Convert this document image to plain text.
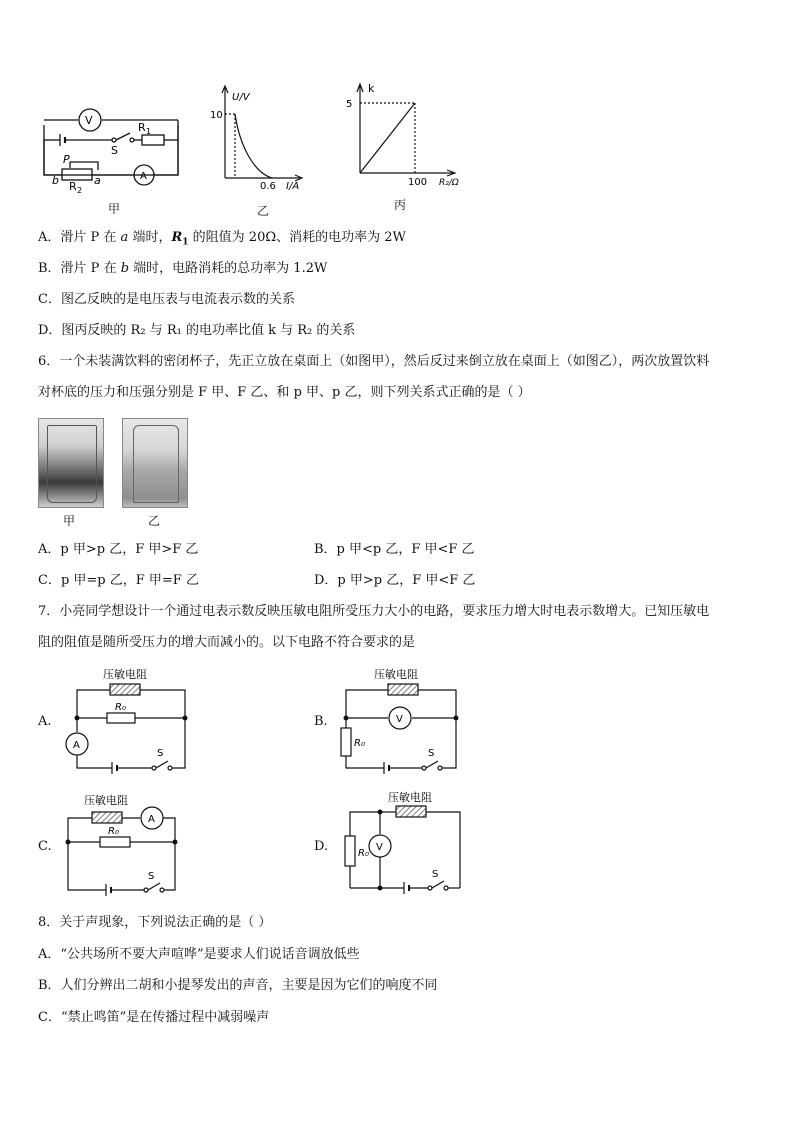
V
R 1
S
P
b	a
R 2
A
甲
U/V
10
0.6 I/A
乙
k
5
100 R₂/Ω
丙
A．滑片 P 在 a 端时，$R_1$ 的阻值为 20Ω、消耗的电功率为 2W
B．滑片 P 在 b 端时，电路消耗的总功率为 1.2W
C．图乙反映的是电压表与电流表示数的关系
D．图丙反映的 R₂ 与 R₁ 的电功率比值 k 与 R₂ 的关系
6．一个未装满饮料的密闭杯子，先正立放在桌面上（如图甲），然后反过来倒立放在桌面上（如图乙），两次放置饮料
对杯底的压力和压强分别是 F 甲、F 乙、和 p 甲、p 乙，则下列关系式正确的是（ ）
甲	乙
A．p 甲>p 乙，F 甲>F 乙	B．p 甲<p 乙，F 甲<F 乙
C．p 甲=p 乙，F 甲=F 乙	D．p 甲>p 乙，F 甲<F 乙
7．小亮同学想设计一个通过电表示数反映压敏电阻所受压力大小的电路，要求压力增大时电表示数增大。已知压敏电
阻的阻值是随所受压力的增大而减小的。以下电路不符合要求的是
A.
压敏电阻
R₀
A
S
B.
压敏电阻
V
R₀
S
C.
压敏电阻
A
R₀
S
D.
压敏电阻
V
R₀
S
8．关于声现象，下列说法正确的是（ ）
A．“公共场所不要大声喧哗”是要求人们说话音调放低些
B．人们分辨出二胡和小提琴发出的声音，主要是因为它们的响度不同
C．“禁止鸣笛”是在传播过程中减弱噪声
